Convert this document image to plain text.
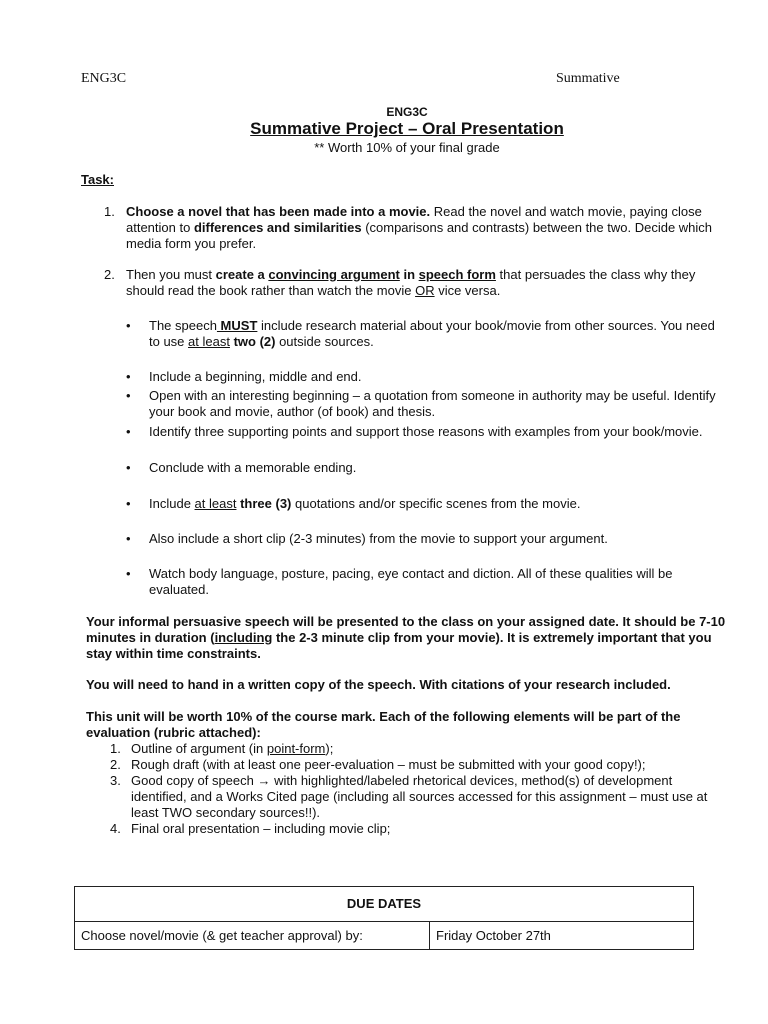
ENG3C	Summative
ENG3C
Summative Project – Oral Presentation
** Worth 10% of your final grade
Task:
1. Choose a novel that has been made into a movie. Read the novel and watch movie, paying close attention to differences and similarities (comparisons and contrasts) between the two. Decide which media form you prefer.
2. Then you must create a convincing argument in speech form that persuades the class why they should read the book rather than watch the movie OR vice versa.
• The speech MUST include research material about your book/movie from other sources. You need to use at least two (2) outside sources.
• Include a beginning, middle and end.
• Open with an interesting beginning – a quotation from someone in authority may be useful. Identify your book and movie, author (of book) and thesis.
• Identify three supporting points and support those reasons with examples from your book/movie.
• Conclude with a memorable ending.
• Include at least three (3) quotations and/or specific scenes from the movie.
• Also include a short clip (2-3 minutes) from the movie to support your argument.
• Watch body language, posture, pacing, eye contact and diction. All of these qualities will be evaluated.
Your informal persuasive speech will be presented to the class on your assigned date. It should be 7-10 minutes in duration (including the 2-3 minute clip from your movie). It is extremely important that you stay within time constraints.
You will need to hand in a written copy of the speech. With citations of your research included.
This unit will be worth 10% of the course mark. Each of the following elements will be part of the evaluation (rubric attached):
1. Outline of argument (in point-form);
2. Rough draft (with at least one peer-evaluation – must be submitted with your good copy!);
3. Good copy of speech → with highlighted/labeled rhetorical devices, method(s) of development identified, and a Works Cited page (including all sources accessed for this assignment – must use at least TWO secondary sources!!).
4. Final oral presentation – including movie clip;
DUE DATES
Choose novel/movie (& get teacher approval) by:	Friday October 27th
